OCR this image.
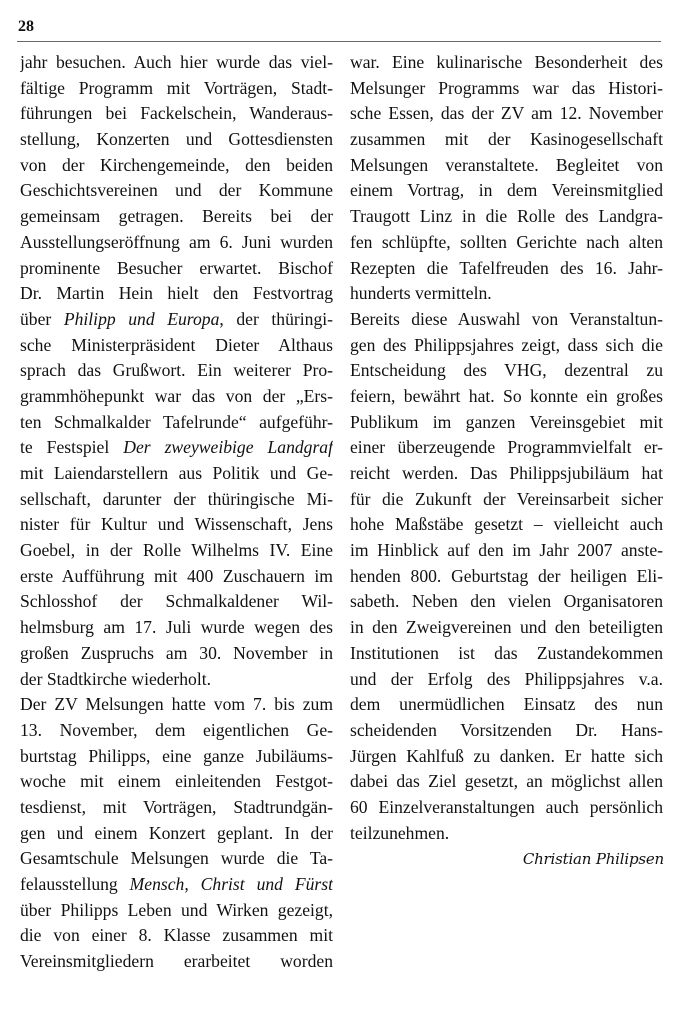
28
jahr besuchen. Auch hier wurde das viel-
fältige Programm mit Vorträgen, Stadt-
führungen bei Fackelschein, Wanderaus-
stellung, Konzerten und Gottesdiensten
von der Kirchengemeinde, den beiden
Geschichtsvereinen und der Kommune
gemeinsam getragen. Bereits bei der
Ausstellungseröffnung am 6. Juni wurden
prominente Besucher erwartet. Bischof
Dr. Martin Hein hielt den Festvortrag
über Philipp und Europa, der thüringi-
sche Ministerpräsident Dieter Althaus
sprach das Grußwort. Ein weiterer Pro-
grammhöhepunkt war das von der „Ers-
ten Schmalkalder Tafelrunde“ aufgeführ-
te Festspiel Der zweyweibige Landgraf
mit Laiendarstellern aus Politik und Ge-
sellschaft, darunter der thüringische Mi-
nister für Kultur und Wissenschaft, Jens
Goebel, in der Rolle Wilhelms IV. Eine
erste Aufführung mit 400 Zuschauern im
Schlosshof der Schmalkaldener Wil-
helmsburg am 17. Juli wurde wegen des
großen Zuspruchs am 30. November in
der Stadtkirche wiederholt.
Der ZV Melsungen hatte vom 7. bis zum
13. November, dem eigentlichen Ge-
burtstag Philipps, eine ganze Jubiläums-
woche mit einem einleitenden Festgot-
tesdienst, mit Vorträgen, Stadtrundgän-
gen und einem Konzert geplant. In der
Gesamtschule Melsungen wurde die Ta-
felausstellung Mensch, Christ und Fürst
über Philipps Leben und Wirken gezeigt,
die von einer 8. Klasse zusammen mit
Vereinsmitgliedern erarbeitet worden
war. Eine kulinarische Besonderheit des
Melsunger Programms war das Histori-
sche Essen, das der ZV am 12. November
zusammen mit der Kasinogesellschaft
Melsungen veranstaltete. Begleitet von
einem Vortrag, in dem Vereinsmitglied
Traugott Linz in die Rolle des Landgra-
fen schlüpfte, sollten Gerichte nach alten
Rezepten die Tafelfreuden des 16. Jahr-
hunderts vermitteln.
Bereits diese Auswahl von Veranstaltun-
gen des Philippsjahres zeigt, dass sich die
Entscheidung des VHG, dezentral zu
feiern, bewährt hat. So konnte ein großes
Publikum im ganzen Vereinsgebiet mit
einer überzeugende Programmvielfalt er-
reicht werden. Das Philippsjubiläum hat
für die Zukunft der Vereinsarbeit sicher
hohe Maßstäbe gesetzt – vielleicht auch
im Hinblick auf den im Jahr 2007 anste-
henden 800. Geburtstag der heiligen Eli-
sabeth. Neben den vielen Organisatoren
in den Zweigvereinen und den beteiligten
Institutionen ist das Zustandekommen
und der Erfolg des Philippsjahres v.a.
dem unermüdlichen Einsatz des nun
scheidenden Vorsitzenden Dr. Hans-
Jürgen Kahlfuß zu danken. Er hatte sich
dabei das Ziel gesetzt, an möglichst allen
60 Einzelveranstaltungen auch persönlich
teilzunehmen.
Christian Philipsen
